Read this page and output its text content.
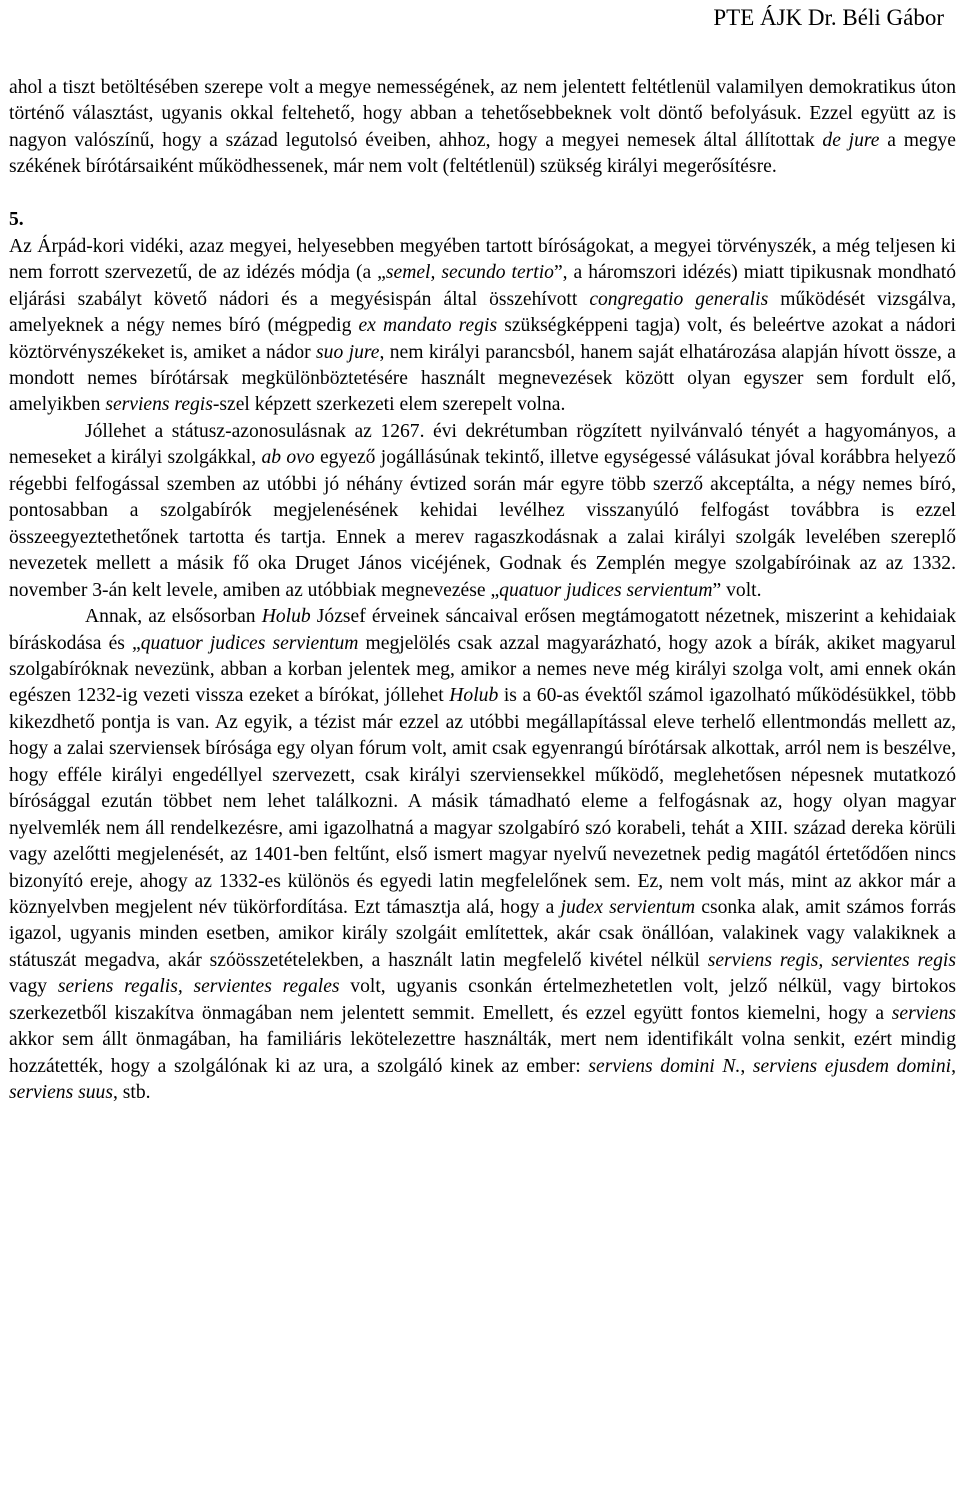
PTE ÁJK Dr. Béli Gábor

ahol a tiszt betöltésében szerepe volt a megye nemességének, az nem jelentett feltétlenül valamilyen demokratikus úton történő választást, ugyanis okkal feltehető, hogy abban a tehetősebbeknek volt döntő befolyásuk. Ezzel együtt az is nagyon valószínű, hogy a század legutolsó éveiben, ahhoz, hogy a megyei nemesek által állítottak de jure a megye székének bírótársaiként működhessenek, már nem volt (feltétlenül) szükség királyi megerősítésre.

5.

Az Árpád-kori vidéki, azaz megyei, helyesebben megyében tartott bíróságokat, a megyei törvényszék, a még teljesen ki nem forrott szervezetű, de az idézés módja (a „semel, secundo tertio”, a háromszori idézés) miatt tipikusnak mondható eljárási szabályt követő nádori és a megyésispán által összehívott congregatio generalis működését vizsgálva, amelyeknek a négy nemes bíró (mégpedig ex mandato regis szükségképpeni tagja) volt, és beleértve azokat a nádori köztörvényszékeket is, amiket a nádor suo jure, nem királyi parancsból, hanem saját elhatározása alapján hívott össze, a mondott nemes bírótársak megkülönböztetésére használt megnevezések között olyan egyszer sem fordult elő, amelyikben serviens regis-szel képzett szerkezeti elem szerepelt volna.

Jóllehet a státusz-azonosulásnak az 1267. évi dekrétumban rögzített nyilvánvaló tényét a hagyományos, a nemeseket a királyi szolgákkal, ab ovo egyező jogállásúnak tekintő, illetve egységessé válásukat jóval korábbra helyező régebbi felfogással szemben az utóbbi jó néhány évtized során már egyre több szerző akceptálta, a négy nemes bíró, pontosabban a szolgabírók megjelenésének kehidai levélhez visszanyúló felfogást továbbra is ezzel összeegyeztethetőnek tartotta és tartja. Ennek a merev ragaszkodásnak a zalai királyi szolgák levelében szereplő nevezetek mellett a másik fő oka Druget János vicéjének, Godnak és Zemplén megye szolgabíróinak az az 1332. november 3-án kelt levele, amiben az utóbbiak megnevezése „quatuor judices servientum” volt.

Annak, az elsősorban Holub József érveinek sáncaival erősen megtámogatott nézetnek, miszerint a kehidaiak bíráskodása és „quatuor judices servientum megjelölés csak azzal magyarázható, hogy azok a bírák, akiket magyarul szolgabíróknak nevezünk, abban a korban jelentek meg, amikor a nemes neve még királyi szolga volt, ami ennek okán egészen 1232-ig vezeti vissza ezeket a bírókat, jóllehet Holub is a 60-as évektől számol igazolható működésükkel, több kikezdhető pontja is van. Az egyik, a tézist már ezzel az utóbbi megállapítással eleve terhelő ellentmondás mellett az, hogy a zalai szerviensek bírósága egy olyan fórum volt, amit csak egyenrangú bírótársak alkottak, arról nem is beszélve, hogy efféle királyi engedéllyel szervezett, csak királyi szerviensekkel működő, meglehetősen népesnek mutatkozó bírósággal ezután többet nem lehet találkozni. A másik támadható eleme a felfogásnak az, hogy olyan magyar nyelvemlék nem áll rendelkezésre, ami igazolhatná a magyar szolgabíró szó korabeli, tehát a XIII. század dereka körüli vagy azelőtti megjelenését, az 1401-ben feltűnt, első ismert magyar nyelvű nevezetnek pedig magától értetődően nincs bizonyító ereje, ahogy az 1332-es különös és egyedi latin megfelelőnek sem. Ez, nem volt más, mint az akkor már a köznyelvben megjelent név tükörfordítása. Ezt támasztja alá, hogy a judex servientum csonka alak, amit számos forrás igazol, ugyanis minden esetben, amikor király szolgáit említettek, akár csak önállóan, valakinek vagy valakiknek a státuszát megadva, akár szóösszetételekben, a használt latin megfelelő kivétel nélkül serviens regis, servientes regis vagy seriens regalis, servientes regales volt, ugyanis csonkán értelmezhetetlen volt, jelző nélkül, vagy birtokos szerkezetből kiszakítva önmagában nem jelentett semmit. Emellett, és ezzel együtt fontos kiemelni, hogy a serviens akkor sem állt önmagában, ha familiáris lekötelezettre használták, mert nem identifikált volna senkit, ezért mindig hozzátették, hogy a szolgálónak ki az ura, a szolgáló kinek az ember: serviens domini N., serviens ejusdem domini, serviens suus, stb.
